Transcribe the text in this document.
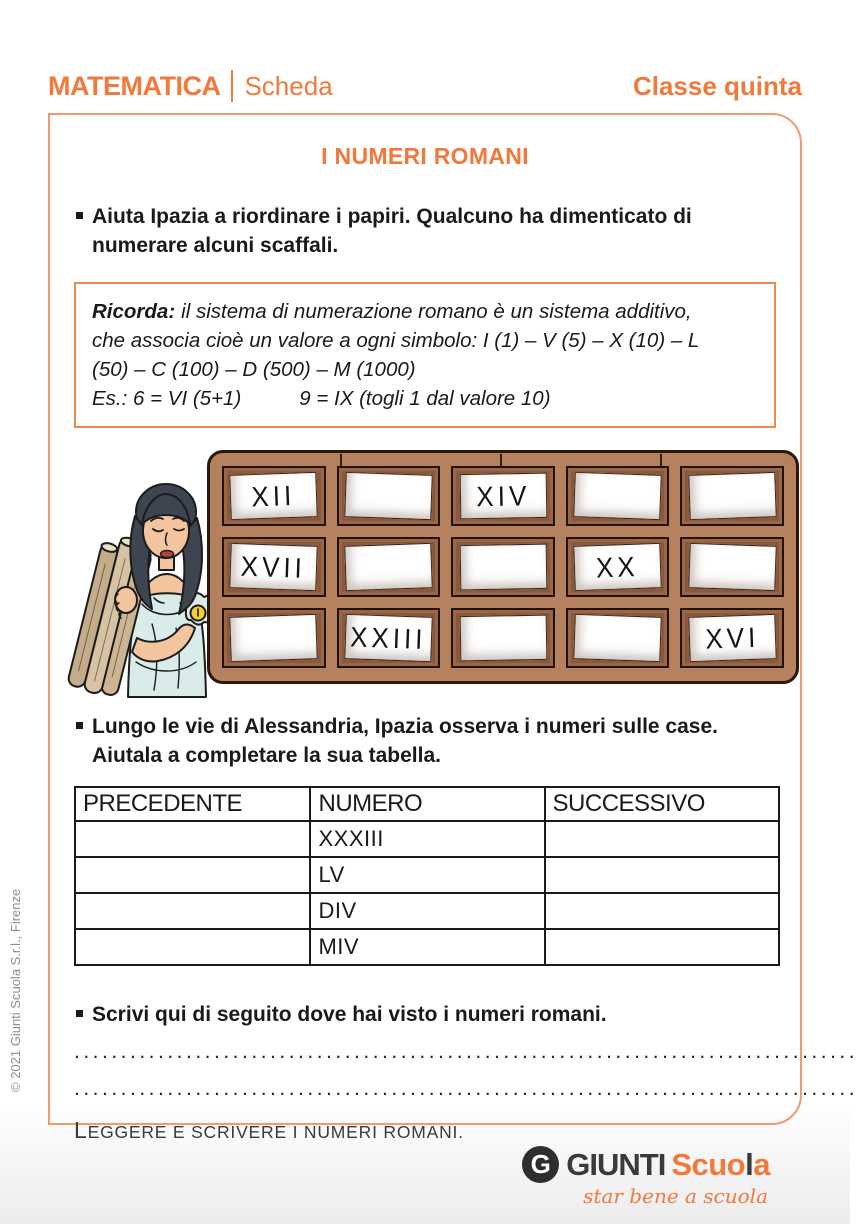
MATEMATICA Scheda	Classe quinta
I NUMERI ROMANI
Aiuta Ipazia a riordinare i papiri. Qualcuno ha dimenticato di
numerare alcuni scaffali.
Ricorda: il sistema di numerazione romano è un sistema additivo,
che associa cioè un valore a ogni simbolo: I (1) – V (5) – X (10) – L
(50) – C (100) – D (500) – M (1000)
Es.: 6 = VI (5+1)	9 = IX (togli 1 dal valore 10)
XII	XIV
XVII	XX
XXIII	XVI
Lungo le vie di Alessandria, Ipazia osserva i numeri sulle case.
Aiutala a completare la sua tabella.
PRECEDENTE	NUMERO	SUCCESSIVO
	XXXIII	
	LV	
	DIV	
	MIV	
Scrivi qui di seguito dove hai visto i numeri romani.
....................................................................................
....................................................................................
LEGGERE E SCRIVERE I NUMERI ROMANI.
© 2021 Giunti Scuola S.r.l., Firenze
G GIUNTI Scuola
star bene a scuola
